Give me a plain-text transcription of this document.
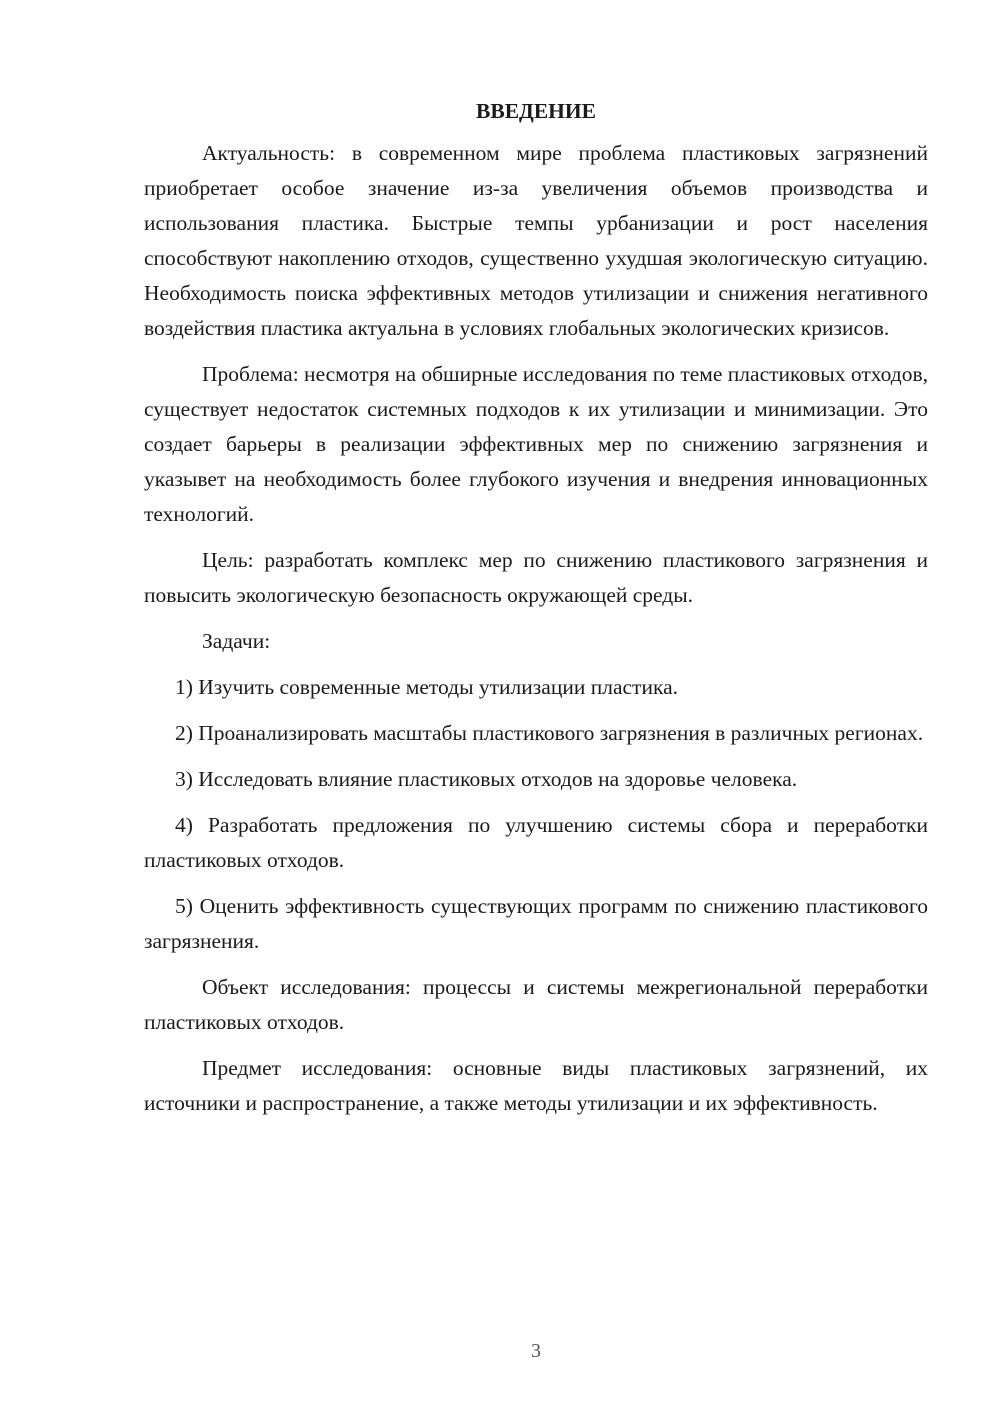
ВВЕДЕНИЕ

Актуальность: в современном мире проблема пластиковых загрязнений приобретает особое значение из-за увеличения объемов производства и использования пластика. Быстрые темпы урбанизации и рост населения способствуют накоплению отходов, существенно ухудшая экологическую ситуацию. Необходимость поиска эффективных методов утилизации и снижения негативного воздействия пластика актуальна в условиях глобальных экологических кризисов.

Проблема: несмотря на обширные исследования по теме пластиковых отходов, существует недостаток системных подходов к их утилизации и минимизации. Это создает барьеры в реализации эффективных мер по снижению загрязнения и указывет на необходимость более глубокого изучения и внедрения инновационных технологий.

Цель: разработать комплекс мер по снижению пластикового загрязнения и повысить экологическую безопасность окружающей среды.

Задачи:

1) Изучить современные методы утилизации пластика.

2) Проанализировать масштабы пластикового загрязнения в различных регионах.

3) Исследовать влияние пластиковых отходов на здоровье человека.

4) Разработать предложения по улучшению системы сбора и переработки пластиковых отходов.

5) Оценить эффективность существующих программ по снижению пластикового загрязнения.

Объект исследования: процессы и системы межрегиональной переработки пластиковых отходов.

Предмет исследования: основные виды пластиковых загрязнений, их источники и распространение, а также методы утилизации и их эффективность.

3
